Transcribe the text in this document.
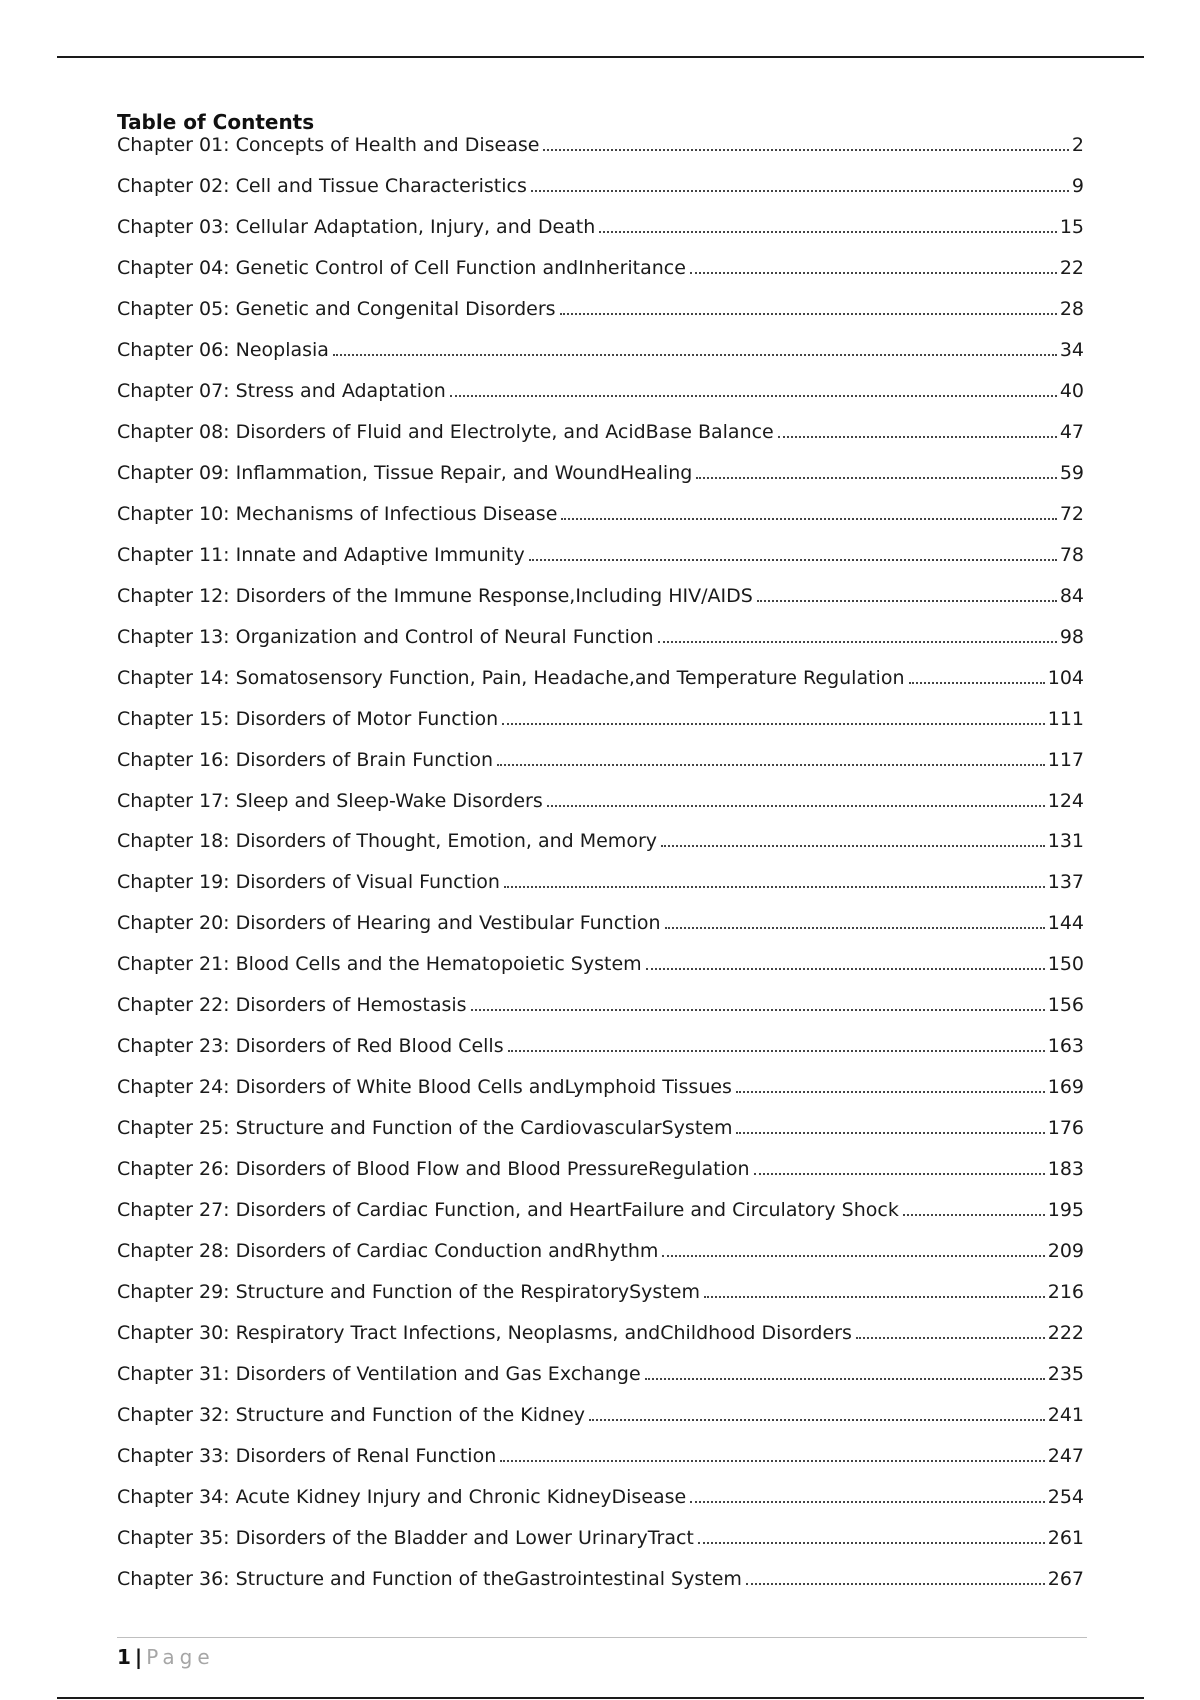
Table of Contents
Chapter 01: Concepts of Health and Disease	2
Chapter 02: Cell and Tissue Characteristics	9
Chapter 03: Cellular Adaptation, Injury, and Death	15
Chapter 04: Genetic Control of Cell Function andInheritance	22
Chapter 05: Genetic and Congenital Disorders	28
Chapter 06: Neoplasia	34
Chapter 07: Stress and Adaptation	40
Chapter 08: Disorders of Fluid and Electrolyte, and AcidBase Balance	47
Chapter 09: Inflammation, Tissue Repair, and WoundHealing	59
Chapter 10: Mechanisms of Infectious Disease	72
Chapter 11: Innate and Adaptive Immunity	78
Chapter 12: Disorders of the Immune Response,Including HIV/AIDS	84
Chapter 13: Organization and Control of Neural Function	98
Chapter 14: Somatosensory Function, Pain, Headache,and Temperature Regulation	104
Chapter 15: Disorders of Motor Function	111
Chapter 16: Disorders of Brain Function	117
Chapter 17: Sleep and Sleep-Wake Disorders	124
Chapter 18: Disorders of Thought, Emotion, and Memory	131
Chapter 19: Disorders of Visual Function	137
Chapter 20: Disorders of Hearing and Vestibular Function	144
Chapter 21: Blood Cells and the Hematopoietic System	150
Chapter 22: Disorders of Hemostasis	156
Chapter 23: Disorders of Red Blood Cells	163
Chapter 24: Disorders of White Blood Cells andLymphoid Tissues	169
Chapter 25: Structure and Function of the CardiovascularSystem	176
Chapter 26: Disorders of Blood Flow and Blood PressureRegulation	183
Chapter 27: Disorders of Cardiac Function, and HeartFailure and Circulatory Shock	195
Chapter 28: Disorders of Cardiac Conduction andRhythm	209
Chapter 29: Structure and Function of the RespiratorySystem	216
Chapter 30: Respiratory Tract Infections, Neoplasms, andChildhood Disorders	222
Chapter 31: Disorders of Ventilation and Gas Exchange	235
Chapter 32: Structure and Function of the Kidney	241
Chapter 33: Disorders of Renal Function	247
Chapter 34: Acute Kidney Injury and Chronic KidneyDisease	254
Chapter 35: Disorders of the Bladder and Lower UrinaryTract	261
Chapter 36: Structure and Function of theGastrointestinal System	267
1 | Page
